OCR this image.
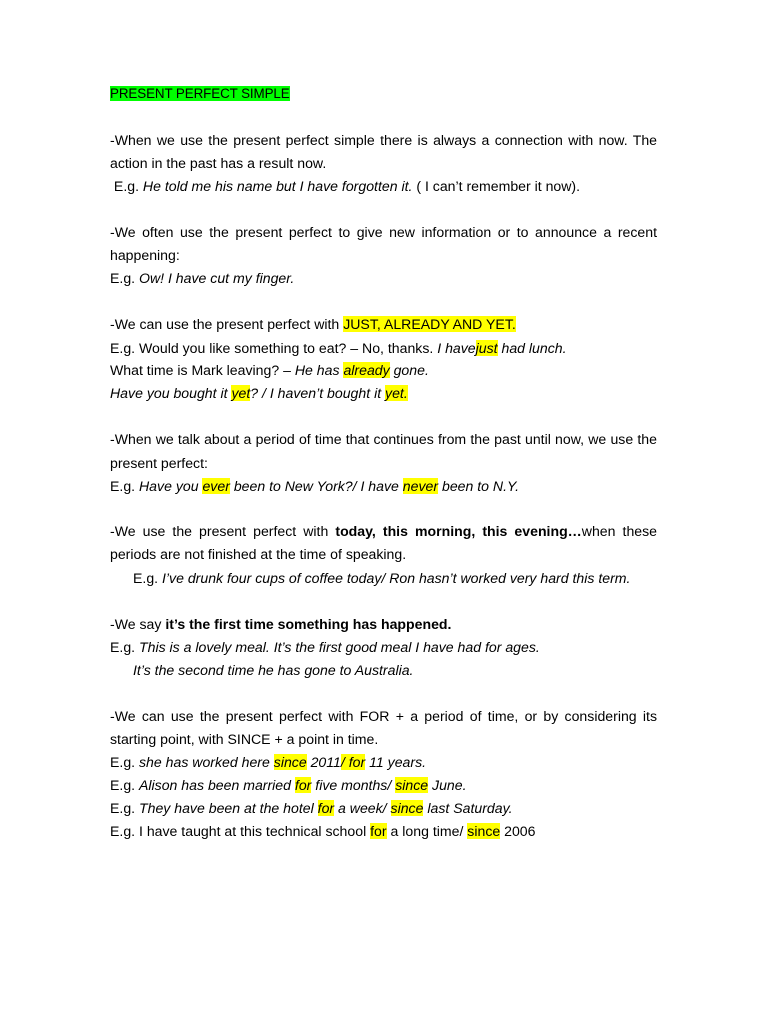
PRESENT PERFECT SIMPLE
-When we use the present perfect simple there is always a connection with now. The
action in the past has a result now.
E.g. He told me his name but I have forgotten it. ( I can’t remember it now).
-We often use the present perfect to give new information or to announce a recent
happening:
E.g. Ow! I have cut my finger.
-We can use the present perfect with JUST, ALREADY AND YET.
E.g. Would you like something to eat? – No, thanks. I havejust had lunch.
What time is Mark leaving? – He has already gone.
Have you bought it yet? / I haven’t bought it yet.
-When we talk about a period of time that continues from the past until now, we use the
present perfect:
E.g. Have you ever been to New York?/ I have never been to N.Y.
-We use the present perfect with today, this morning, this evening…when these
periods are not finished at the time of speaking.
E.g. I’ve drunk four cups of coffee today/ Ron hasn’t worked very hard this term.
-We say it’s the first time something has happened.
E.g. This is a lovely meal. It’s the first good meal I have had for ages.
It’s the second time he has gone to Australia.
-We can use the present perfect with FOR + a period of time, or by considering its
starting point, with SINCE + a point in time.
E.g. she has worked here since 2011/ for 11 years.
E.g. Alison has been married for five months/ since June.
E.g. They have been at the hotel for a week/ since last Saturday.
E.g. I have taught at this technical school for a long time/ since 2006
